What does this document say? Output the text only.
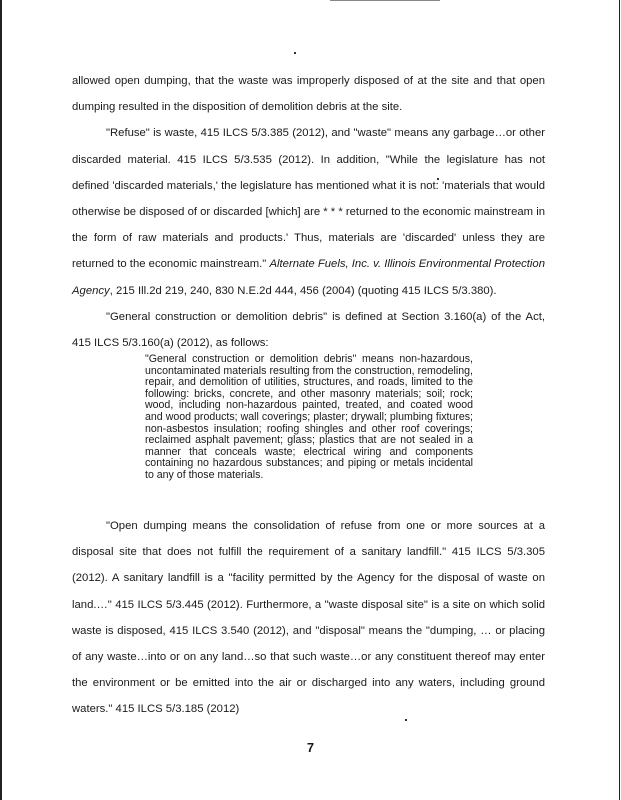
allowed open dumping, that the waste was improperly disposed of at the site and that open dumping resulted in the disposition of demolition debris at the site.

"Refuse" is waste, 415 ILCS 5/3.385 (2012), and "waste" means any garbage…or other discarded material. 415 ILCS 5/3.535 (2012). In addition, "While the legislature has not defined 'discarded materials,' the legislature has mentioned what it is not: 'materials that would otherwise be disposed of or discarded [which] are * * * returned to the economic mainstream in the form of raw materials and products.' Thus, materials are 'discarded' unless they are returned to the economic mainstream." Alternate Fuels, Inc. v. Illinois Environmental Protection Agency, 215 Ill.2d 219, 240, 830 N.E.2d 444, 456 (2004) (quoting 415 ILCS 5/3.380).

"General construction or demolition debris" is defined at Section 3.160(a) of the Act, 415 ILCS 5/3.160(a) (2012), as follows:

"General construction or demolition debris" means non-hazardous, uncontaminated materials resulting from the construction, remodeling, repair, and demolition of utilities, structures, and roads, limited to the following: bricks, concrete, and other masonry materials; soil; rock; wood, including non-hazardous painted, treated, and coated wood and wood products; wall coverings; plaster; drywall; plumbing fixtures; non-asbestos insulation; roofing shingles and other roof coverings; reclaimed asphalt pavement; glass; plastics that are not sealed in a manner that conceals waste; electrical wiring and components containing no hazardous substances; and piping or metals incidental to any of those materials.

"Open dumping means the consolidation of refuse from one or more sources at a disposal site that does not fulfill the requirement of a sanitary landfill." 415 ILCS 5/3.305 (2012). A sanitary landfill is a "facility permitted by the Agency for the disposal of waste on land.…" 415 ILCS 5/3.445 (2012). Furthermore, a "waste disposal site" is a site on which solid waste is disposed, 415 ILCS 3.540 (2012), and "disposal" means the "dumping, … or placing of any waste…into or on any land…so that such waste…or any constituent thereof may enter the environment or be emitted into the air or discharged into any waters, including ground waters." 415 ILCS 5/3.185 (2012)

7
